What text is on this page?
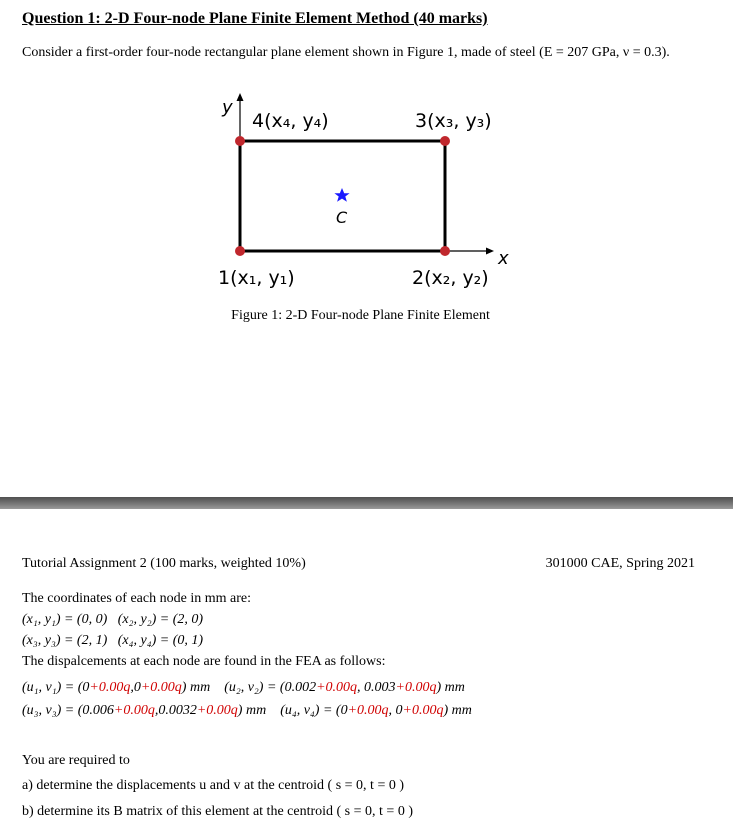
Question 1: 2-D Four-node Plane Finite Element Method (40 marks)
Consider a first-order four-node rectangular plane element shown in Figure 1, made of steel (E = 207 GPa, ν = 0.3).
y
x
C
4(x₄, y₄)	3(x₃, y₃)
1(x₁, y₁)	2(x₂, y₂)
Figure 1: 2-D Four-node Plane Finite Element
Tutorial Assignment 2 (100 marks, weighted 10%)	301000 CAE, Spring 2021
The coordinates of each node in mm are:
(x₁, y₁) = (0, 0) (x₂, y₂) = (2, 0)
(x₃, y₃) = (2, 1) (x₄, y₄) = (0, 1)
The dispalcements at each node are found in the FEA as follows:
(u₁, v₁) = (0+0.00q,0+0.00q) mm (u₂, v₂) = (0.002+0.00q, 0.003+0.00q) mm
(u₃, v₃) = (0.006+0.00q,0.0032+0.00q) mm (u₄, v₄) = (0+0.00q, 0+0.00q) mm
You are required to
a) determine the displacements u and v at the centroid ( s = 0, t = 0 )
b) determine its B matrix of this element at the centroid ( s = 0, t = 0 )
